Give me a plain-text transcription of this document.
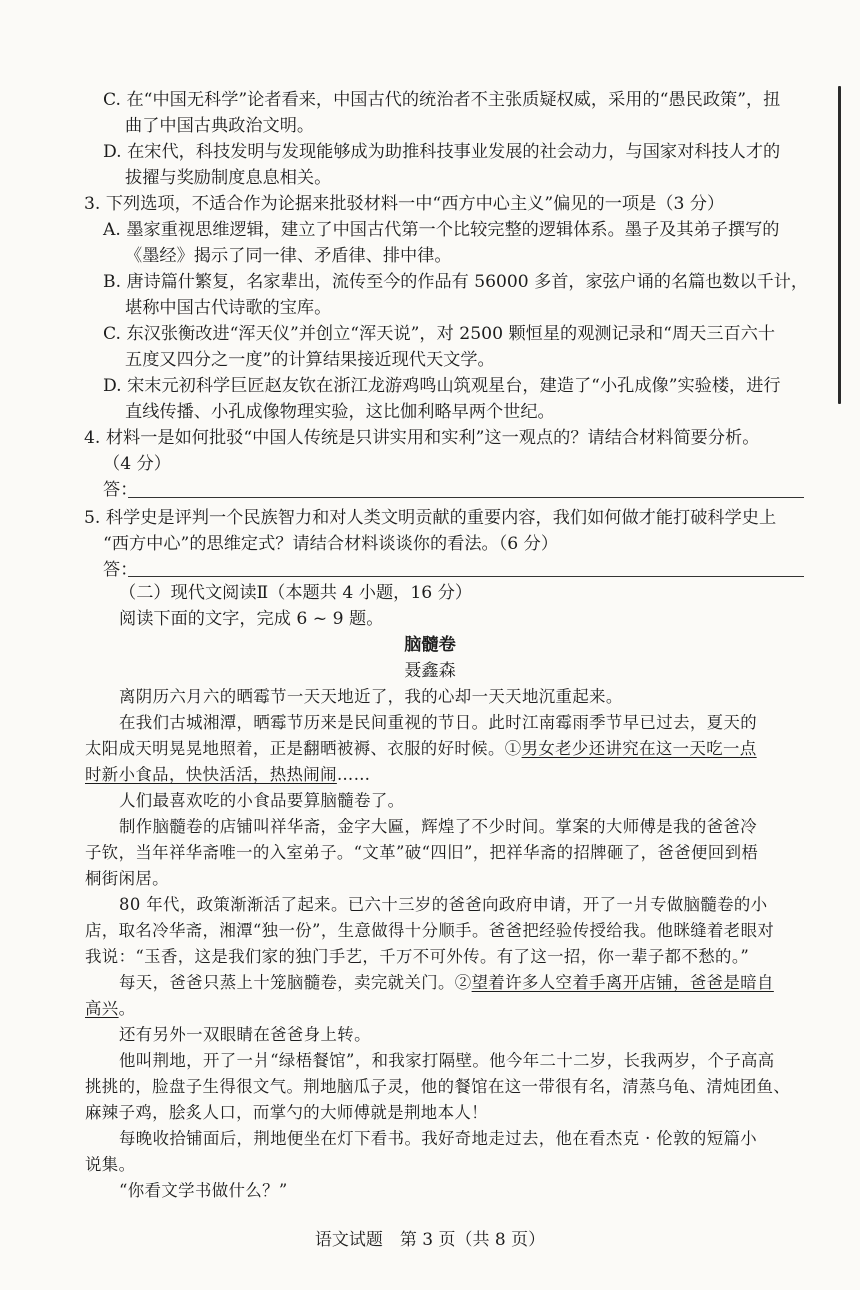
C. 在“中国无科学”论者看来，中国古代的统治者不主张质疑权威，采用的“愚民政策”，扭
曲了中国古典政治文明。
D. 在宋代，科技发明与发现能够成为助推科技事业发展的社会动力，与国家对科技人才的
拔擢与奖励制度息息相关。
3. 下列选项，不适合作为论据来批驳材料一中“西方中心主义”偏见的一项是（3 分）
A. 墨家重视思维逻辑，建立了中国古代第一个比较完整的逻辑体系。墨子及其弟子撰写的
《墨经》揭示了同一律、矛盾律、排中律。
B. 唐诗篇什繁复，名家辈出，流传至今的作品有 56000 多首，家弦户诵的名篇也数以千计，
堪称中国古代诗歌的宝库。
C. 东汉张衡改进“浑天仪”并创立“浑天说”，对 2500 颗恒星的观测记录和“周天三百六十
五度又四分之一度”的计算结果接近现代天文学。
D. 宋末元初科学巨匠赵友钦在浙江龙游鸡鸣山筑观星台，建造了“小孔成像”实验楼，进行
直线传播、小孔成像物理实验，这比伽利略早两个世纪。
4. 材料一是如何批驳“中国人传统是只讲实用和实利”这一观点的？请结合材料简要分析。
（4 分）
答：
5. 科学史是评判一个民族智力和对人类文明贡献的重要内容，我们如何做才能打破科学史上
“西方中心”的思维定式？请结合材料谈谈你的看法。（6 分）
答：
（二）现代文阅读Ⅱ（本题共 4 小题，16 分）
阅读下面的文字，完成 6 ~ 9 题。
脑髓卷
聂鑫森
离阴历六月六的晒霉节一天天地近了，我的心却一天天地沉重起来。
在我们古城湘潭，晒霉节历来是民间重视的节日。此时江南霉雨季节早已过去，夏天的
太阳成天明晃晃地照着，正是翻晒被褥、衣服的好时候。①男女老少还讲究在这一天吃一点
时新小食品，快快活活，热热闹闹……
人们最喜欢吃的小食品要算脑髓卷了。
制作脑髓卷的店铺叫祥华斋，金字大匾，辉煌了不少时间。掌案的大师傅是我的爸爸冷
子钦，当年祥华斋唯一的入室弟子。“文革”破“四旧”，把祥华斋的招牌砸了，爸爸便回到梧
桐街闲居。
80 年代，政策渐渐活了起来。已六十三岁的爸爸向政府申请，开了一爿专做脑髓卷的小
店，取名冷华斋，湘潭“独一份”，生意做得十分顺手。爸爸把经验传授给我。他眯缝着老眼对
我说：“玉香，这是我们家的独门手艺，千万不可外传。有了这一招，你一辈子都不愁的。”
每天，爸爸只蒸上十笼脑髓卷，卖完就关门。②望着许多人空着手离开店铺，爸爸是暗自
高兴。
还有另外一双眼睛在爸爸身上转。
他叫荆地，开了一爿“绿梧餐馆”，和我家打隔壁。他今年二十二岁，长我两岁，个子高高
挑挑的，脸盘子生得很文气。荆地脑瓜子灵，他的餐馆在这一带很有名，清蒸乌龟、清炖团鱼、
麻辣子鸡，脍炙人口，而掌勺的大师傅就是荆地本人！
每晚收拾铺面后，荆地便坐在灯下看书。我好奇地走过去，他在看杰克 · 伦敦的短篇小
说集。
“你看文学书做什么？”
语文试题　第 3 页（共 8 页）
